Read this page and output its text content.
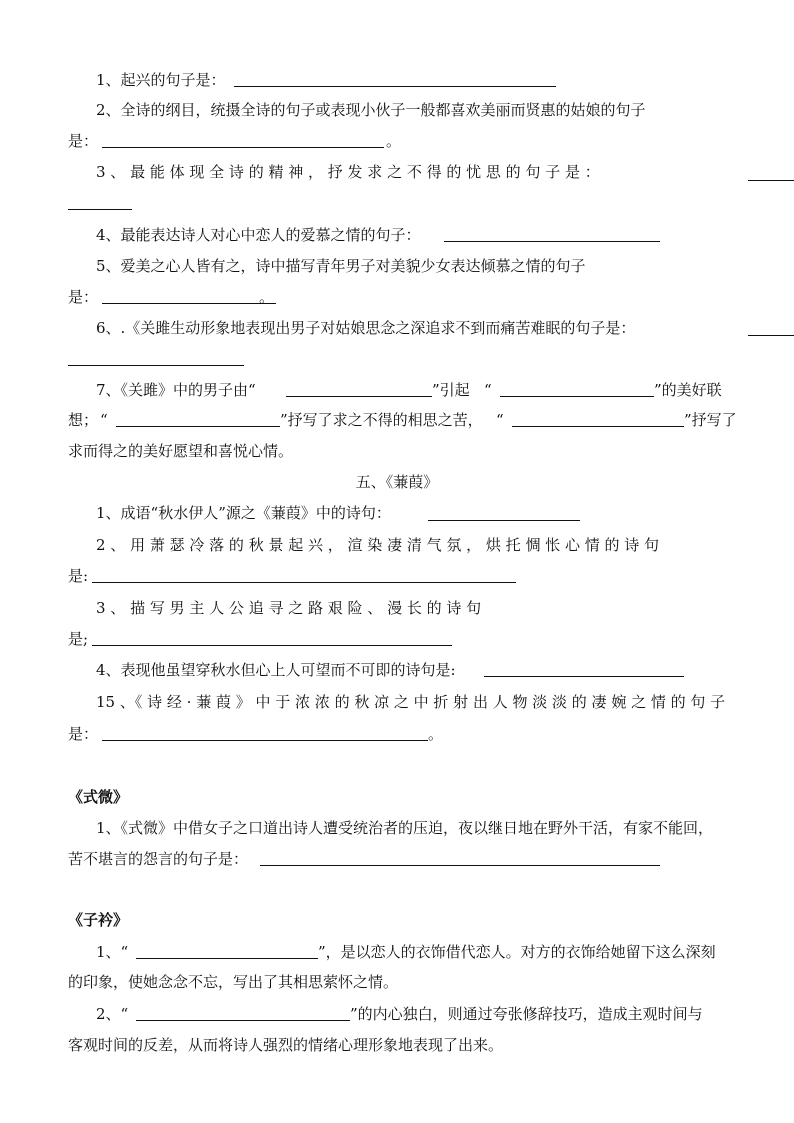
1、起兴的句子是：
2、全诗的纲目，统摄全诗的句子或表现小伙子一般都喜欢美丽而贤惠的姑娘的句子
是：	。
3 、 最 能 体 现 全 诗 的 精 神 ， 抒 发 求 之 不 得 的 忧 思 的 句 子 是 ：
4、最能表达诗人对心中恋人的爱慕之情的句子：
5、爱美之心人皆有之，诗中描写青年男子对美貌少女表达倾慕之情的句子
是：	。
6、.《关雎生动形象地表现出男子对姑娘思念之深追求不到而痛苦难眠的句子是：
7、《关雎》中的男子由“	”引起 “	”的美好联
想； “	”抒写了求之不得的相思之苦， “	”抒写了
求而得之的美好愿望和喜悦心情。
五、《蒹葭》
1、成语“秋水伊人”源之《蒹葭》中的诗句：
2 、 用 萧 瑟 冷 落 的 秋 景 起 兴 ， 渲 染 凄 清 气 氛 ， 烘 托 惆 怅 心 情 的 诗 句
是:
3 、 描 写 男 主 人 公 追 寻 之 路 艰 险 、 漫 长 的 诗 句
是;
4、表现他虽望穿秋水但心上人可望而不可即的诗句是:
15 、《 诗 经 · 蒹 葭 》 中 于 浓 浓 的 秋 凉 之 中 折 射 出 人 物 淡 淡 的 凄 婉 之 情 的 句 子
是：	。
《式微》
1、《式微》中借女子之口道出诗人遭受统治者的压迫，夜以继日地在野外干活，有家不能回，
苦不堪言的怨言的句子是：
《子衿》
1、“	”，是以恋人的衣饰借代恋人。对方的衣饰给她留下这么深刻
的印象，使她念念不忘，写出了其相思萦怀之情。
2、“	”的内心独白，则通过夸张修辞技巧，造成主观时间与
客观时间的反差，从而将诗人强烈的情绪心理形象地表现了出来。
